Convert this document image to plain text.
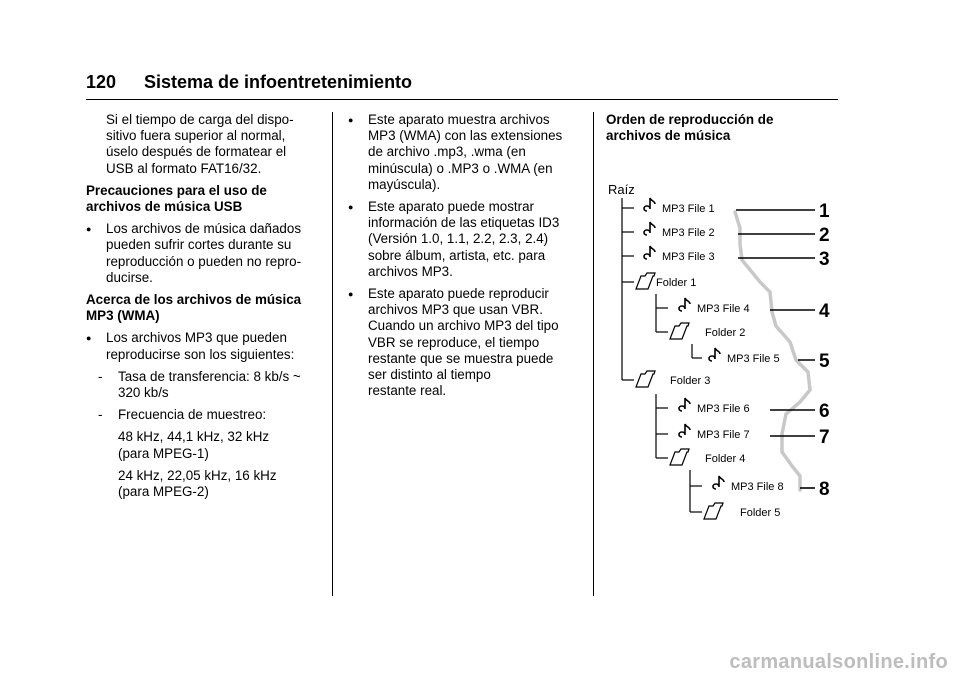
120 Sistema de infoentretenimiento

Si el tiempo de carga del dispo-
sitivo fuera superior al normal,
úselo después de formatear el
USB al formato FAT16/32.

Precauciones para el uso de
archivos de música USB

● Los archivos de música dañados
pueden sufrir cortes durante su
reproducción o pueden no repro-
ducirse.

Acerca de los archivos de música
MP3 (WMA)

● Los archivos MP3 que pueden
reproducirse son los siguientes:
- Tasa de transferencia: 8 kb/s ~
320 kb/s
- Frecuencia de muestreo:

48 kHz, 44,1 kHz, 32 kHz
(para MPEG-1)

24 kHz, 22,05 kHz, 16 kHz
(para MPEG-2)

● Este aparato muestra archivos
MP3 (WMA) con las extensiones
de archivo .mp3, .wma (en
minúscula) o .MP3 o .WMA (en
mayúscula).
● Este aparato puede mostrar
información de las etiquetas ID3
(Versión 1.0, 1.1, 2.2, 2.3, 2.4)
sobre álbum, artista, etc. para
archivos MP3.
● Este aparato puede reproducir
archivos MP3 que usan VBR.
Cuando un archivo MP3 del tipo
VBR se reproduce, el tiempo
restante que se muestra puede
ser distinto al tiempo
restante real.

Orden de reproducción de
archivos de música

Raíz
MP3 File 1
MP3 File 2
MP3 File 3
MP3 File 4
MP3 File 5
MP3 File 6
MP3 File 7
MP3 File 8
Folder 1
Folder 2
Folder 3
Folder 4
Folder 5
1
2
3
4
5
6
7
8
carmanualsonline.info
